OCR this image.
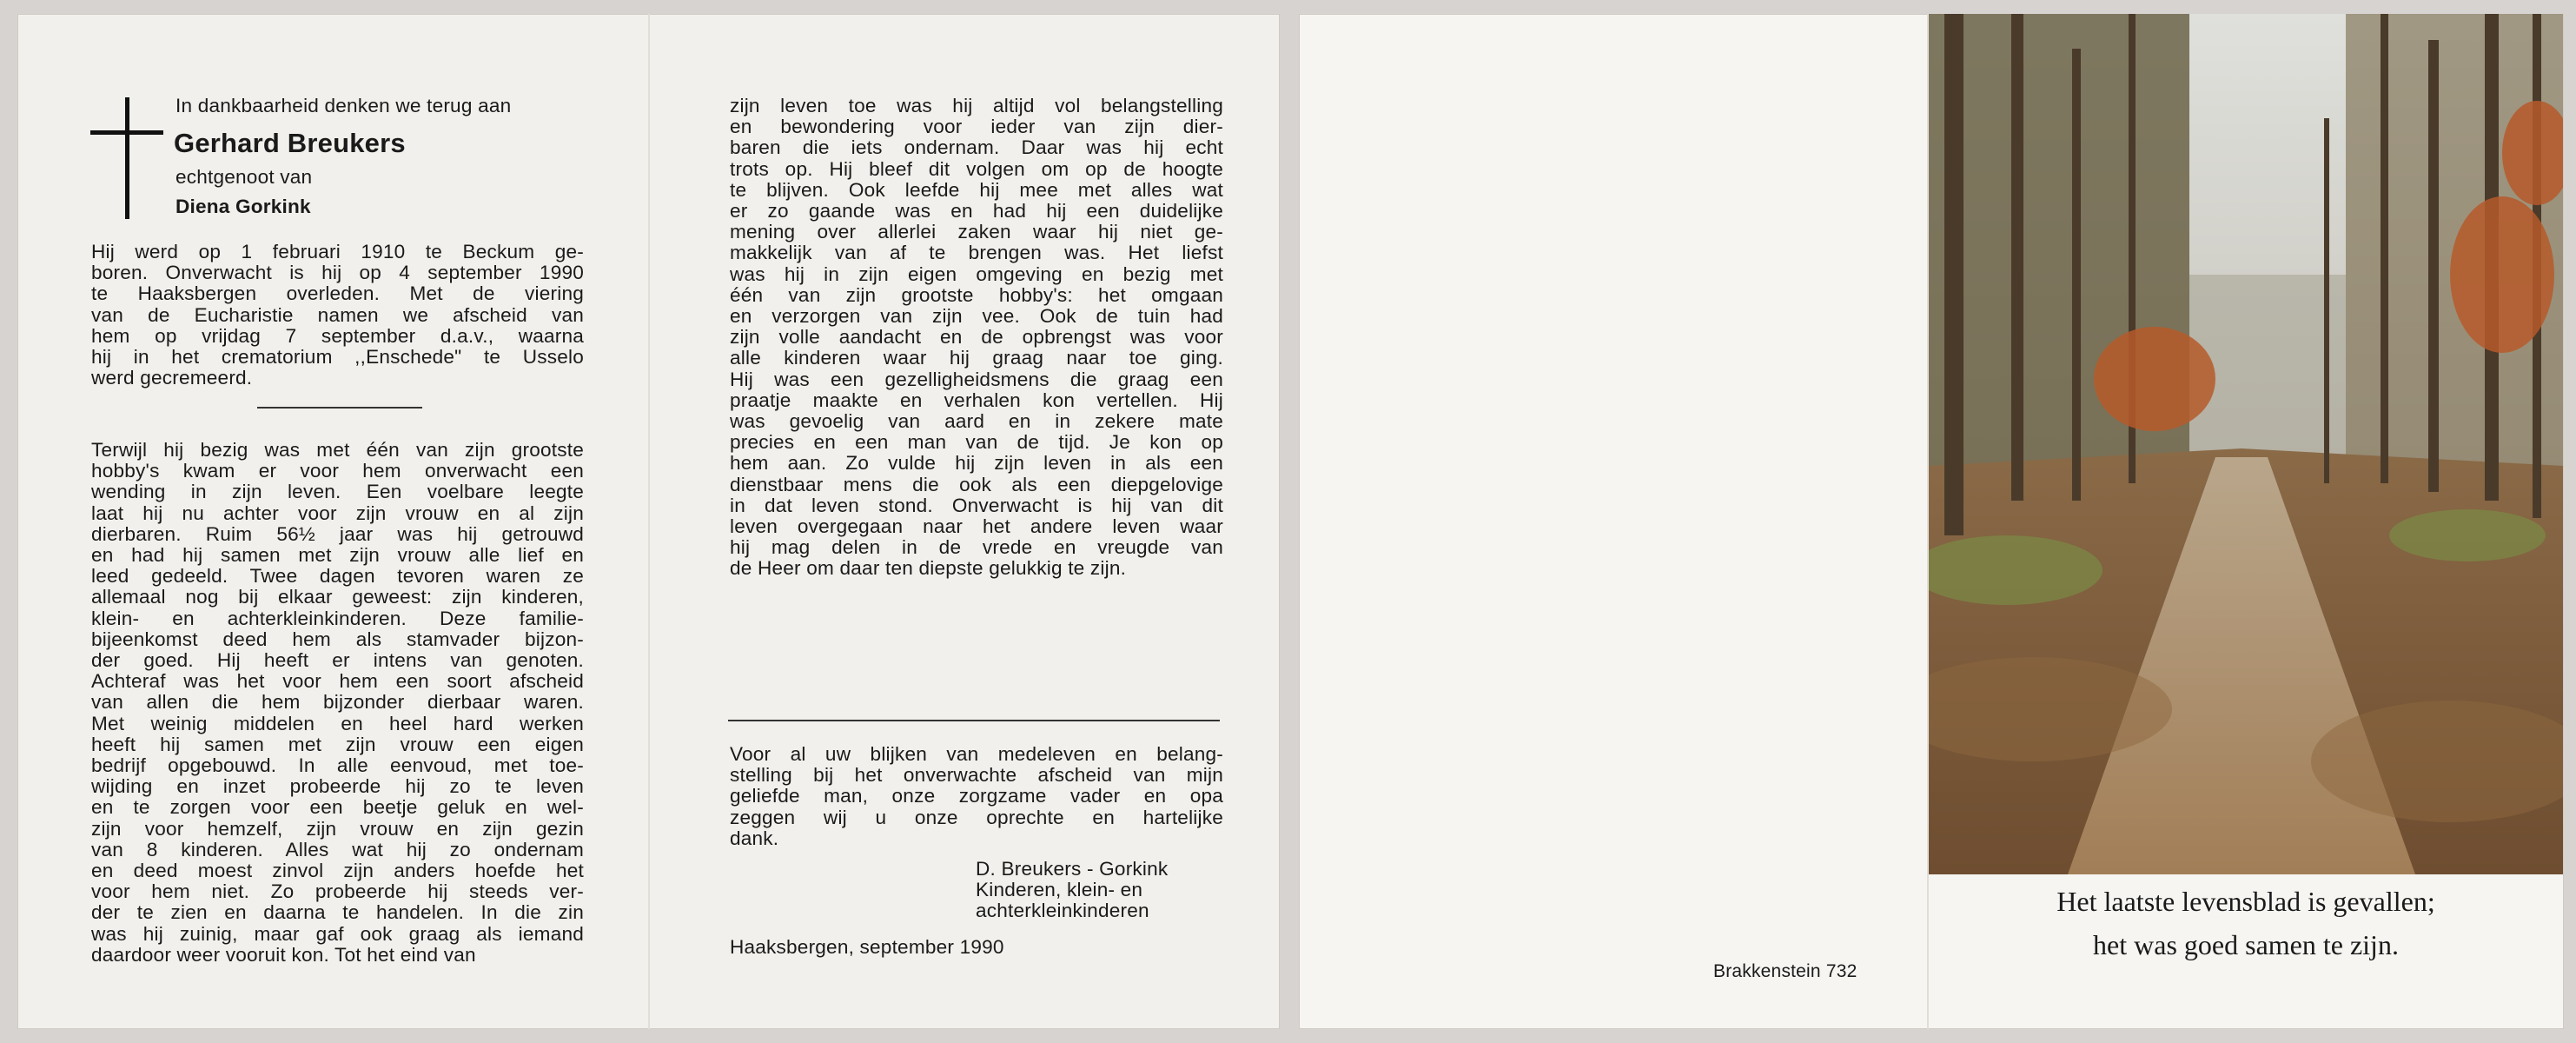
In dankbaarheid denken we terug aan
Gerhard Breukers
echtgenoot van
Diena Gorkink
Hij werd op 1 februari 1910 te Beckum ge-
boren. Onverwacht is hij op 4 september 1990
te Haaksbergen overleden. Met de viering
van de Eucharistie namen we afscheid van
hem op vrijdag 7 september d.a.v., waarna
hij in het crematorium ,,Enschede" te Usselo
werd gecremeerd.
Terwijl hij bezig was met één van zijn grootste
hobby's kwam er voor hem onverwacht een
wending in zijn leven. Een voelbare leegte
laat hij nu achter voor zijn vrouw en al zijn
dierbaren. Ruim 56½ jaar was hij getrouwd
en had hij samen met zijn vrouw alle lief en
leed gedeeld. Twee dagen tevoren waren ze
allemaal nog bij elkaar geweest: zijn kinderen,
klein- en achterkleinkinderen. Deze familie-
bijeenkomst deed hem als stamvader bijzon-
der goed. Hij heeft er intens van genoten.
Achteraf was het voor hem een soort afscheid
van allen die hem bijzonder dierbaar waren.
Met weinig middelen en heel hard werken
heeft hij samen met zijn vrouw een eigen
bedrijf opgebouwd. In alle eenvoud, met toe-
wijding en inzet probeerde hij zo te leven
en te zorgen voor een beetje geluk en wel-
zijn voor hemzelf, zijn vrouw en zijn gezin
van 8 kinderen. Alles wat hij zo ondernam
en deed moest zinvol zijn anders hoefde het
voor hem niet. Zo probeerde hij steeds ver-
der te zien en daarna te handelen. In die zin
was hij zuinig, maar gaf ook graag als iemand
daardoor weer vooruit kon. Tot het eind van
zijn leven toe was hij altijd vol belangstelling
en bewondering voor ieder van zijn dier-
baren die iets ondernam. Daar was hij echt
trots op. Hij bleef dit volgen om op de hoogte
te blijven. Ook leefde hij mee met alles wat
er zo gaande was en had hij een duidelijke
mening over allerlei zaken waar hij niet ge-
makkelijk van af te brengen was. Het liefst
was hij in zijn eigen omgeving en bezig met
één van zijn grootste hobby's: het omgaan
en verzorgen van zijn vee. Ook de tuin had
zijn volle aandacht en de opbrengst was voor
alle kinderen waar hij graag naar toe ging.
Hij was een gezelligheidsmens die graag een
praatje maakte en verhalen kon vertellen. Hij
was gevoelig van aard en in zekere mate
precies en een man van de tijd. Je kon op
hem aan. Zo vulde hij zijn leven in als een
dienstbaar mens die ook als een diepgelovige
in dat leven stond. Onverwacht is hij van dit
leven overgegaan naar het andere leven waar
hij mag delen in de vrede en vreugde van
de Heer om daar ten diepste gelukkig te zijn.
Voor al uw blijken van medeleven en belang-
stelling bij het onverwachte afscheid van mijn
geliefde man, onze zorgzame vader en opa
zeggen wij u onze oprechte en hartelijke
dank.
D. Breukers - Gorkink
Kinderen, klein- en
achterkleinkinderen
Haaksbergen, september 1990
Brakkenstein 732
Het laatste levensblad is gevallen;
het was goed samen te zijn.
